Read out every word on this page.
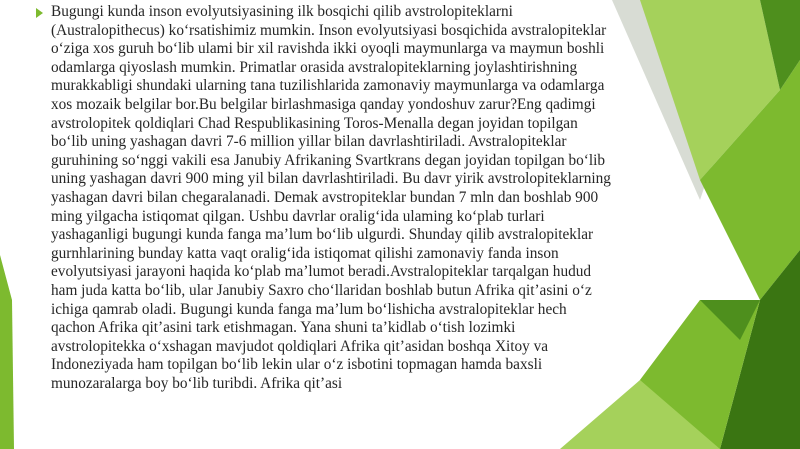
Bugungi kunda inson evolyutsiyasining ilk bosqichi qilib avstrolopiteklarni
(Australopithecus) ko‘rsatishimiz mumkin. Inson evolyutsiyasi bosqichida avstralopiteklar
o‘ziga xos guruh bo‘lib ulami bir xil ravishda ikki oyoqli maymunlarga va maymun boshli
odamlarga qiyoslash mumkin. Primatlar orasida avstralopiteklarning joylashtirishning
murakkabligi shundaki ularning tana tuzilishlarida zamonaviy maymunlarga va odamlarga
xos mozaik belgilar bor.Bu belgilar birlashmasiga qanday yondoshuv zarur?Eng qadimgi
avstrolopitek qoldiqlari Chad Respublikasining Toros-Menalla degan joyidan topilgan
bo‘lib uning yashagan davri 7-6 million yillar bilan davrlashtiriladi. Avstralopiteklar
guruhining so‘nggi vakili esa Janubiy Afrikaning Svartkrans degan joyidan topilgan bo‘lib
uning yashagan davri 900 ming yil bilan davrlashtiriladi. Bu davr yirik avstrolopiteklarning
yashagan davri bilan chegaralanadi. Demak avstropiteklar bundan 7 mln dan boshlab 900
ming yilgacha istiqomat qilgan. Ushbu davrlar oralig‘ida ulaming ko‘plab turlari
yashaganligi bugungi kunda fanga ma’lum bo‘lib ulgurdi. Shunday qilib avstralopiteklar
gurnhlarining bunday katta vaqt oralig‘ida istiqomat qilishi zamonaviy fanda inson
evolyutsiyasi jarayoni haqida ko‘plab ma’lumot beradi.Avstralopiteklar tarqalgan hudud
ham juda katta bo‘lib, ular Janubiy Saxro cho‘llaridan boshlab butun Afrika qit’asini o‘z
ichiga qamrab oladi. Bugungi kunda fanga ma’lum bo‘lishicha avstralopiteklar hech
qachon Afrika qit’asini tark etishmagan. Yana shuni ta’kidlab o‘tish lozimki
avstrolopitekka o‘xshagan mavjudot qoldiqlari Afrika qit’asidan boshqa Xitoy va
Indoneziyada ham topilgan bo‘lib lekin ular o‘z isbotini topmagan hamda baxsli
munozaralarga boy bo‘lib turibdi. Afrika qit’asi
